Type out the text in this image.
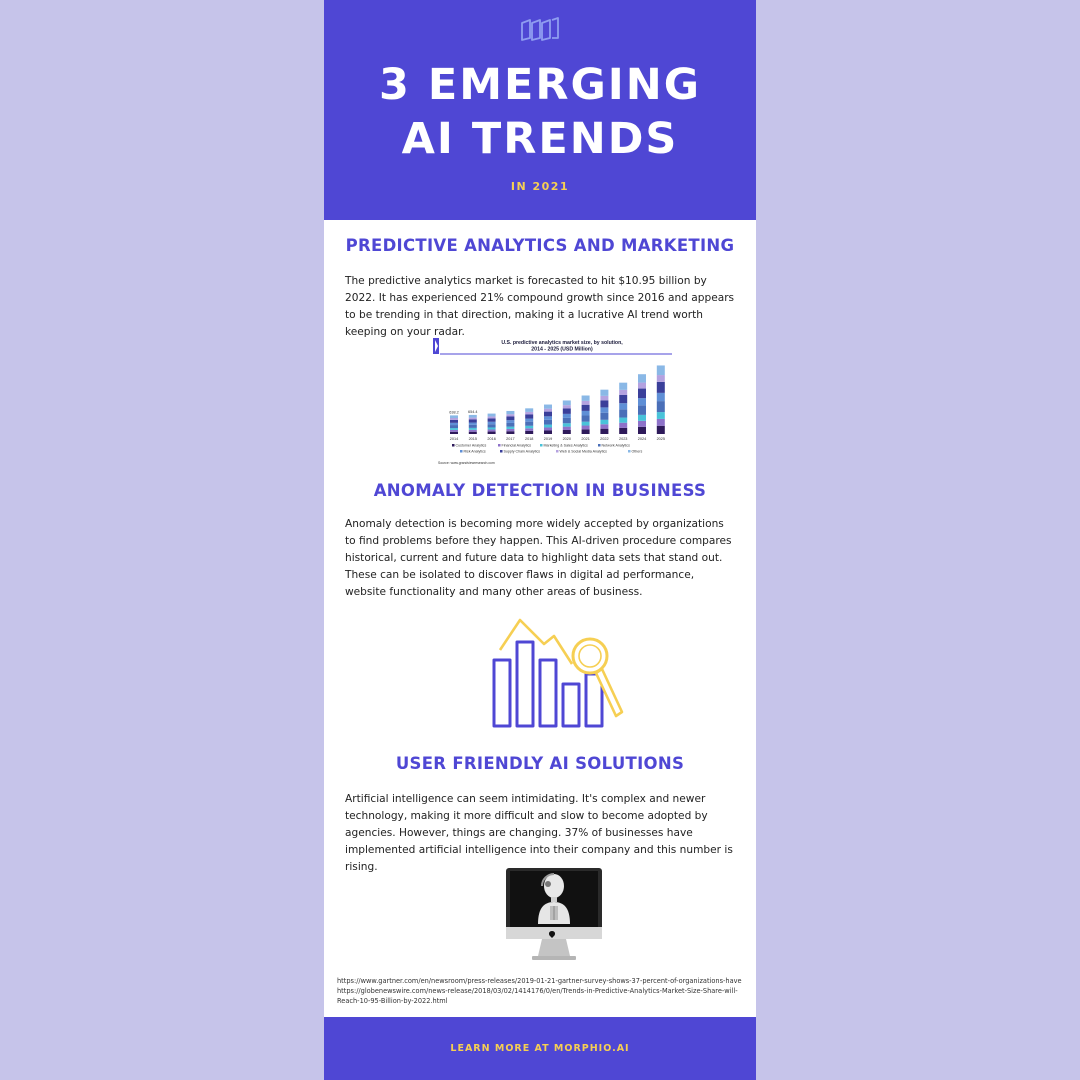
3 EMERGING
AI TRENDS
IN 2021
PREDICTIVE ANALYTICS AND MARKETING

The predictive analytics market is forecasted to hit $10.95 billion by 2022. It has experienced 21% compound growth since 2016 and appears to be trending in that direction, making it a lucrative AI trend worth keeping on your radar.

U.S. predictive analytics market size, by solution,
2014 - 2025 (USD Million)
2014
638.2
2015
654.4
2016	2017	2018	2019	2020	2021	2022	2023	2024	2025
Customer Analytics	Financial Analytics	Marketing & Sales Analytics	Network Analytics
Risk Analytics	Supply Chain Analytics	Web & Social Media Analytics	Others
Source: www.grandviewresearch.com
ANOMALY DETECTION IN BUSINESS

Anomaly detection is becoming more widely accepted by organizations to find problems before they happen. This AI-driven procedure compares historical, current and future data to highlight data sets that stand out. These can be isolated to discover flaws in digital ad performance, website functionality and many other areas of business.

USER FRIENDLY AI SOLUTIONS

Artificial intelligence can seem intimidating. It's complex and newer technology, making it more difficult and slow to become adopted by agencies. However, things are changing. 37% of businesses have implemented artificial intelligence into their company and this number is rising.

https://www.gartner.com/en/newsroom/press-releases/2019-01-21-gartner-survey-shows-37-percent-of-organizations-have
https://globenewswire.com/news-release/2018/03/02/1414176/0/en/Trends-in-Predictive-Analytics-Market-Size-Share-will-
Reach-10-95-Billion-by-2022.html
LEARN MORE AT MORPHIO.AI
